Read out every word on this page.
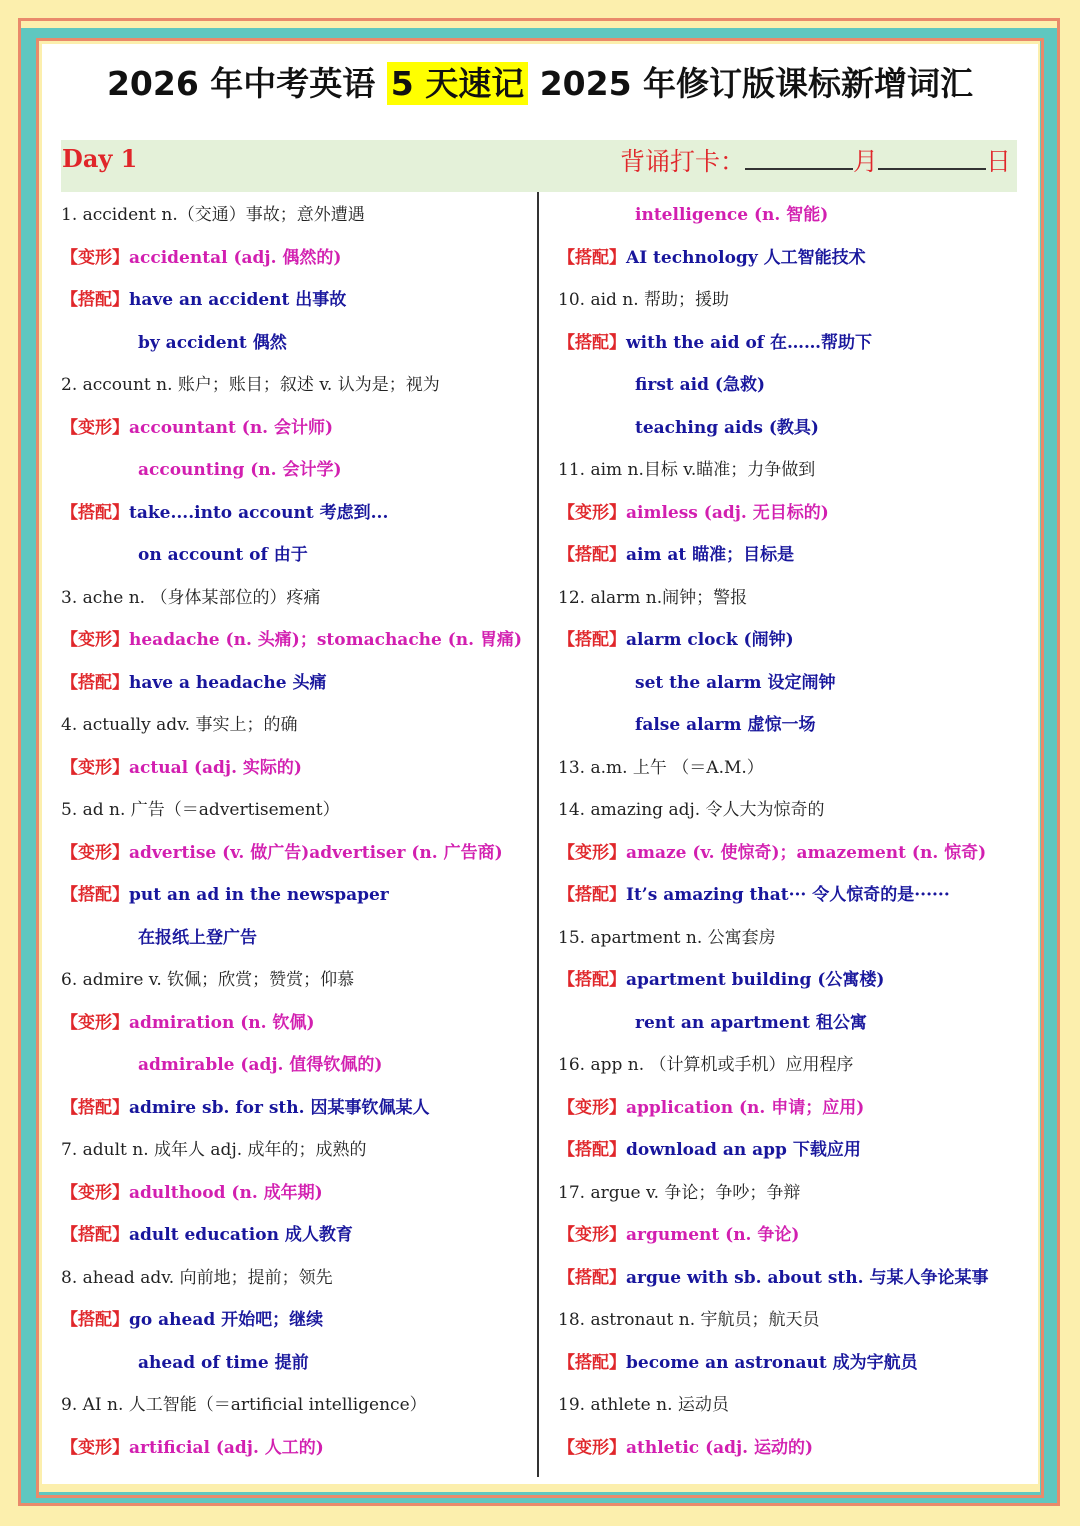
2026 年中考英语 5 天速记 2025 年修订版课标新增词汇
Day 1	背诵打卡：	月	日
1. accident n.（交通）事故；意外遭遇
【变形】accidental (adj. 偶然的)
【搭配】have an accident 出事故
by accident 偶然
2. account n. 账户；账目；叙述 v. 认为是；视为
【变形】accountant (n. 会计师)
accounting (n. 会计学)
【搭配】take....into account 考虑到...
on account of 由于
3. ache n. （身体某部位的）疼痛
【变形】headache (n. 头痛)；stomachache (n. 胃痛)
【搭配】have a headache 头痛
4. actually adv. 事实上；的确
【变形】actual (adj. 实际的)
5. ad n. 广告（＝advertisement）
【变形】advertise (v. 做广告)advertiser (n. 广告商)
【搭配】put an ad in the newspaper
在报纸上登广告
6. admire v. 钦佩；欣赏；赞赏；仰慕
【变形】admiration (n. 钦佩)
admirable (adj. 值得钦佩的)
【搭配】admire sb. for sth. 因某事钦佩某人
7. adult n. 成年人 adj. 成年的；成熟的
【变形】adulthood (n. 成年期)
【搭配】adult education 成人教育
8. ahead adv. 向前地；提前；领先
【搭配】go ahead 开始吧；继续
ahead of time 提前
9. AI n. 人工智能（＝artificial intelligence）
【变形】artificial (adj. 人工的)
intelligence (n. 智能)
【搭配】AI technology 人工智能技术
10. aid n. 帮助；援助
【搭配】with the aid of 在……帮助下
first aid (急救)
teaching aids (教具)
11. aim n.目标 v.瞄准；力争做到
【变形】aimless (adj. 无目标的)
【搭配】aim at 瞄准；目标是
12. alarm n.闹钟；警报
【搭配】alarm clock (闹钟)
set the alarm 设定闹钟
false alarm 虚惊一场
13. a.m. 上午 （＝A.M.）
14. amazing adj. 令人大为惊奇的
【变形】amaze (v. 使惊奇)；amazement (n. 惊奇)
【搭配】It’s amazing that··· 令人惊奇的是······
15. apartment n. 公寓套房
【搭配】apartment building (公寓楼)
rent an apartment 租公寓
16. app n. （计算机或手机）应用程序
【变形】application (n. 申请；应用)
【搭配】download an app 下载应用
17. argue v. 争论；争吵；争辩
【变形】argument (n. 争论)
【搭配】argue with sb. about sth. 与某人争论某事
18. astronaut n. 宇航员；航天员
【搭配】become an astronaut 成为宇航员
19. athlete n. 运动员
【变形】athletic (adj. 运动的)
